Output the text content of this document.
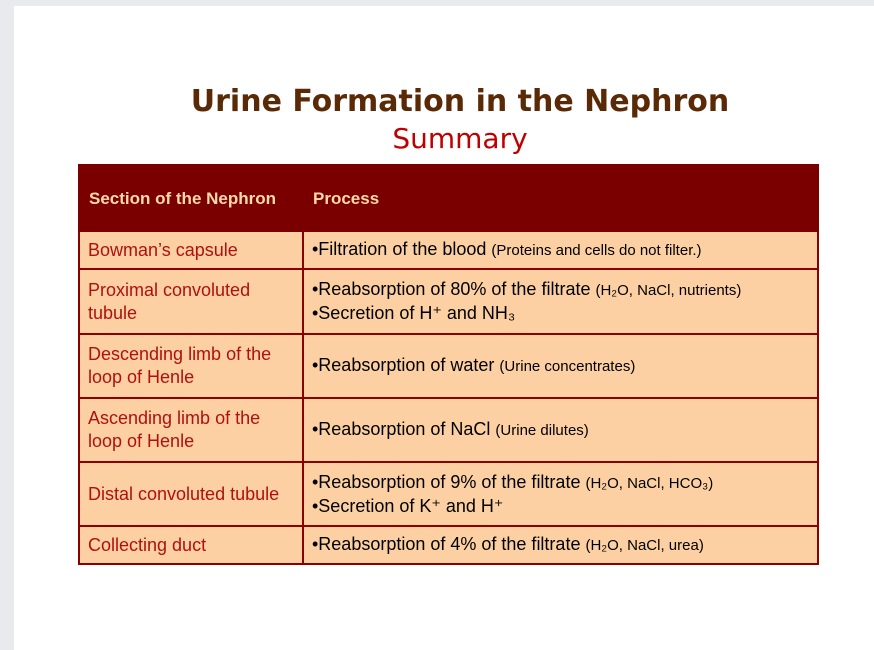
Urine Formation in the Nephron
Summary
Section of the Nephron	Process
Bowman’s capsule	•Filtration of the blood (Proteins and cells do not filter.)

Proximal convoluted tubule	•Reabsorption of 80% of the filtrate (H₂O, NaCl, nutrients)
•Secretion of H⁺ and NH₃

Descending limb of the loop of Henle	•Reabsorption of water (Urine concentrates)

Ascending limb of the loop of Henle	•Reabsorption of NaCl (Urine dilutes)

Distal convoluted tubule	•Reabsorption of 9% of the filtrate (H₂O, NaCl, HCO₃)
•Secretion of K⁺ and H⁺

Collecting duct	•Reabsorption of 4% of the filtrate (H₂O, NaCl, urea)
